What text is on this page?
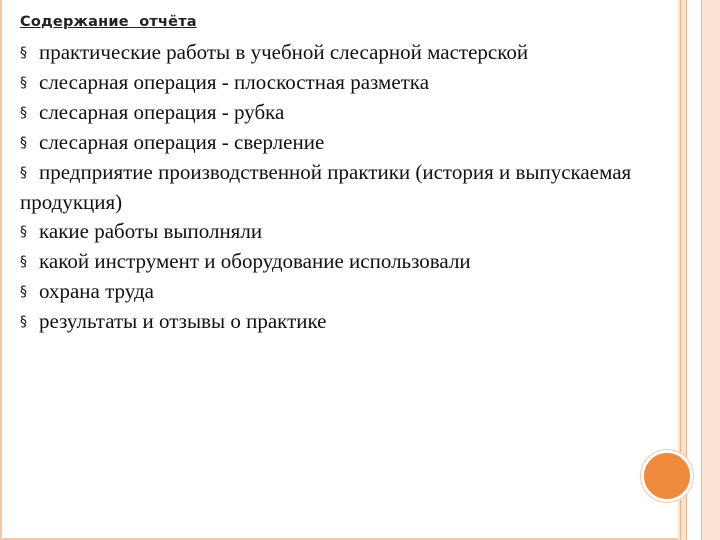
Содержание  отчёта
§ практические работы в учебной слесарной мастерской
§ слесарная операция - плоскостная разметка
§ слесарная операция - рубка
§ слесарная операция - сверление
§ предприятие производственной практики (история и выпускаемая продукция)
§ какие работы выполняли
§ какой инструмент и оборудование использовали
§ охрана труда
§ результаты и отзывы о практике
